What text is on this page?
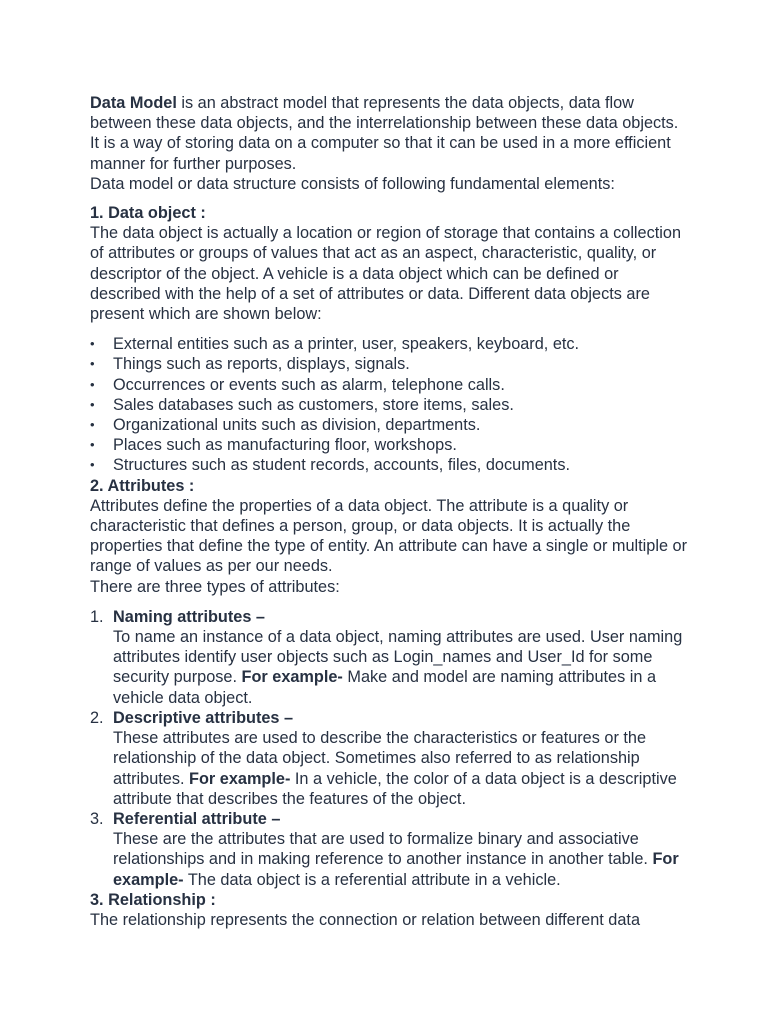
Data Model is an abstract model that represents the data objects, data flow between these data objects, and the interrelationship between these data objects. It is a way of storing data on a computer so that it can be used in a more efficient manner for further purposes.

Data model or data structure consists of following fundamental elements:

1. Data object :

The data object is actually a location or region of storage that contains a collection of attributes or groups of values that act as an aspect, characteristic, quality, or descriptor of the object. A vehicle is a data object which can be defined or described with the help of a set of attributes or data. Different data objects are present which are shown below:

•	External entities such as a printer, user, speakers, keyboard, etc.
•	Things such as reports, displays, signals.
•	Occurrences or events such as alarm, telephone calls.
•	Sales databases such as customers, store items, sales.
•	Organizational units such as division, departments.
•	Places such as manufacturing floor, workshops.
•	Structures such as student records, accounts, files, documents.

2. Attributes :

Attributes define the properties of a data object. The attribute is a quality or characteristic that defines a person, group, or data objects. It is actually the properties that define the type of entity. An attribute can have a single or multiple or range of values as per our needs.

There are three types of attributes:

1. Naming attributes –
To name an instance of a data object, naming attributes are used. User naming attributes identify user objects such as Login_names and User_Id for some security purpose. For example- Make and model are naming attributes in a vehicle data object.
2. Descriptive attributes –
These attributes are used to describe the characteristics or features or the relationship of the data object. Sometimes also referred to as relationship attributes. For example- In a vehicle, the color of a data object is a descriptive attribute that describes the features of the object.
3. Referential attribute –
These are the attributes that are used to formalize binary and associative relationships and in making reference to another instance in another table. For example- The data object is a referential attribute in a vehicle.

3. Relationship :

The relationship represents the connection or relation between different data
